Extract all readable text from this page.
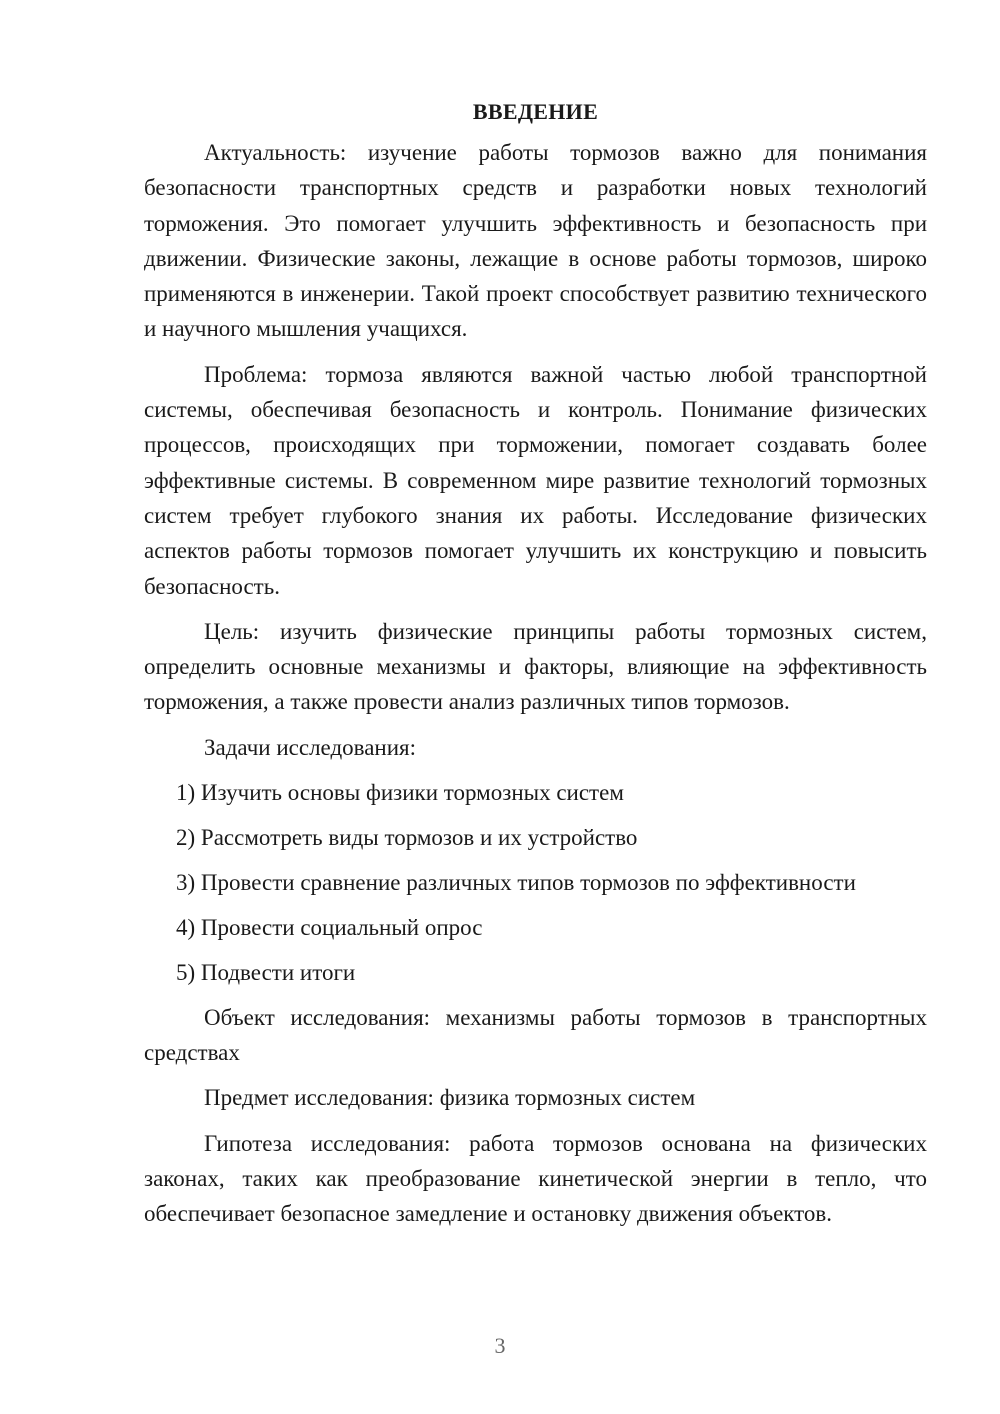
ВВЕДЕНИЕ

Актуальность: изучение работы тормозов важно для понимания безопасности транспортных средств и разработки новых технологий торможения. Это помогает улучшить эффективность и безопасность при движении. Физические законы, лежащие в основе работы тормозов, широко применяются в инженерии. Такой проект способствует развитию технического и научного мышления учащихся.

Проблема: тормоза являются важной частью любой транспортной системы, обеспечивая безопасность и контроль. Понимание физических процессов, происходящих при торможении, помогает создавать более эффективные системы. В современном мире развитие технологий тормозных систем требует глубокого знания их работы. Исследование физических аспектов работы тормозов помогает улучшить их конструкцию и повысить безопасность.

Цель: изучить физические принципы работы тормозных систем, определить основные механизмы и факторы, влияющие на эффективность торможения, а также провести анализ различных типов тормозов.

Задачи исследования:

1) Изучить основы физики тормозных систем
2) Рассмотреть виды тормозов и их устройство
3) Провести сравнение различных типов тормозов по эффективности
4) Провести социальный опрос
5) Подвести итоги

Объект исследования: механизмы работы тормозов в транспортных средствах

Предмет исследования: физика тормозных систем

Гипотеза исследования: работа тормозов основана на физических законах, таких как преобразование кинетической энергии в тепло, что обеспечивает безопасное замедление и остановку движения объектов.

3
